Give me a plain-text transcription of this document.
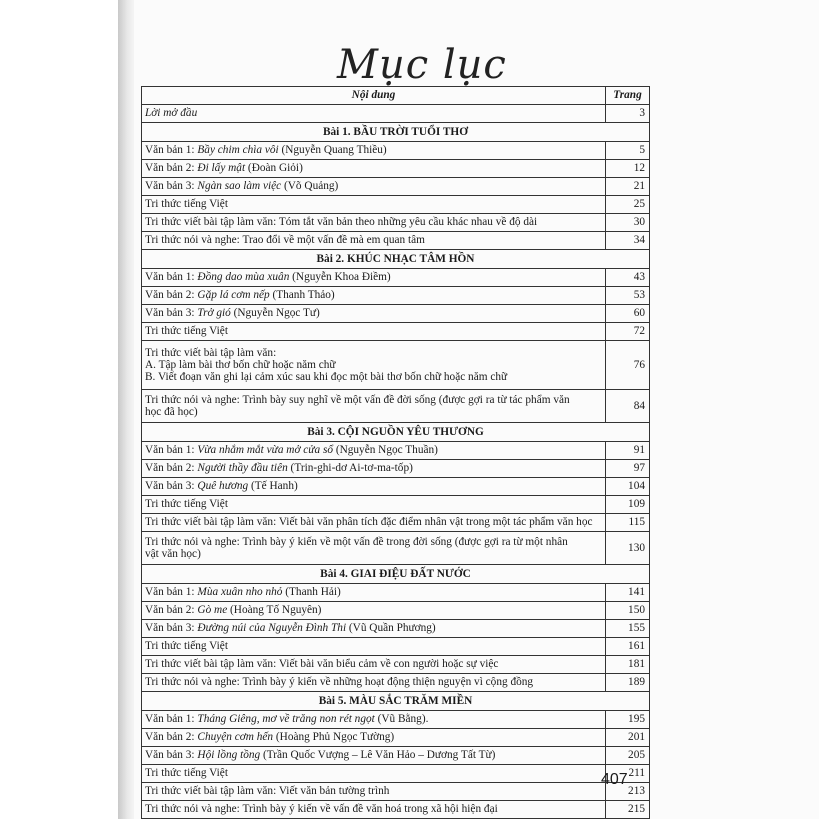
Mục lục
Nội dung	Trang
Lời mở đầu	3
Bài 1. BẦU TRỜI TUỔI THƠ	
Văn bản 1: Bầy chim chìa vôi (Nguyễn Quang Thiều)	5
Văn bản 2: Đi lấy mật (Đoàn Giỏi)	12
Văn bản 3: Ngàn sao làm việc (Võ Quảng)	21
Tri thức tiếng Việt	25
Tri thức viết bài tập làm văn: Tóm tắt văn bản theo những yêu cầu khác nhau về độ dài	30
Tri thức nói và nghe: Trao đổi về một vấn đề mà em quan tâm	34
Bài 2. KHÚC NHẠC TÂM HỒN	
Văn bản 1: Đồng dao mùa xuân (Nguyễn Khoa Điềm)	43
Văn bản 2: Gặp lá cơm nếp (Thanh Thảo)	53
Văn bản 3: Trở gió (Nguyễn Ngọc Tư)	60
Tri thức tiếng Việt	72

Tri thức viết bài tập làm văn:
A. Tập làm bài thơ bốn chữ hoặc năm chữ
B. Viết đoạn văn ghi lại cảm xúc sau khi đọc một bài thơ bốn chữ hoặc năm chữ	76

Tri thức nói và nghe: Trình bày suy nghĩ về một vấn đề đời sống (được gợi ra từ tác phẩm văn
học đã học)	84
Bài 3. CỘI NGUỒN YÊU THƯƠNG	
Văn bản 1: Vừa nhắm mắt vừa mở cửa sổ (Nguyễn Ngọc Thuần)	91
Văn bản 2: Người thầy đầu tiên (Trin-ghi-dơ Ai-tơ-ma-tốp)	97
Văn bản 3: Quê hương (Tế Hanh)	104
Tri thức tiếng Việt	109
Tri thức viết bài tập làm văn: Viết bài văn phân tích đặc điểm nhân vật trong một tác phẩm văn học	115

Tri thức nói và nghe: Trình bày ý kiến về một vấn đề trong đời sống (được gợi ra từ một nhân
vật văn học)	130
Bài 4. GIAI ĐIỆU ĐẤT NƯỚC	
Văn bản 1: Mùa xuân nho nhỏ (Thanh Hải)	141
Văn bản 2: Gò me (Hoàng Tố Nguyên)	150
Văn bản 3: Đường núi của Nguyễn Đình Thi (Vũ Quần Phương)	155
Tri thức tiếng Việt	161
Tri thức viết bài tập làm văn: Viết bài văn biểu cảm về con người hoặc sự việc	181
Tri thức nói và nghe: Trình bày ý kiến về những hoạt động thiện nguyện vì cộng đồng	189
Bài 5. MÀU SẮC TRĂM MIỀN	
Văn bản 1: Tháng Giêng, mơ về trăng non rét ngọt (Vũ Bằng).	195
Văn bản 2: Chuyện cơm hến (Hoàng Phủ Ngọc Tường)	201
Văn bản 3: Hội lồng tồng (Trần Quốc Vượng – Lê Văn Hảo – Dương Tất Từ)	205
Tri thức tiếng Việt	211
Tri thức viết bài tập làm văn: Viết văn bản tường trình	213
Tri thức nói và nghe: Trình bày ý kiến về vấn đề văn hoá trong xã hội hiện đại	215
407
